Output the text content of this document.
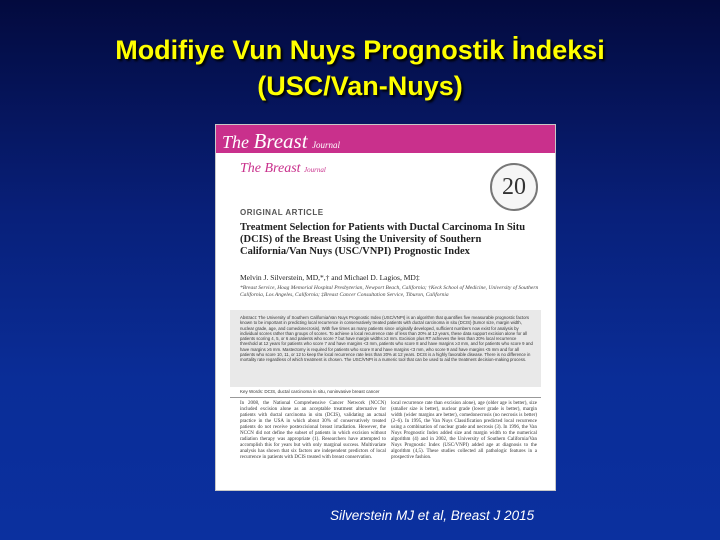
Modifiye Vun Nuys Prognostik İndeksi
(USC/Van-Nuys)
The Breast Journal
The Breast Journal
20
ORIGINAL ARTICLE
Treatment Selection for Patients with Ductal Carcinoma In Situ (DCIS) of the Breast Using the University of Southern California/Van Nuys (USC/VNPI) Prognostic Index
Melvin J. Silverstein, MD,*,† and Michael D. Lagios, MD‡
*Breast Service, Hoag Memorial Hospital Presbyterian, Newport Beach, California; †Keck School of Medicine, University of Southern California, Los Angeles, California; ‡Breast Cancer Consultation Service, Tiburon, California
Abstract: The University of Southern California/Van Nuys Prognostic Index (USC/VNPI) is an algorithm that quantifies five measurable prognostic factors known to be important in predicting local recurrence in conservatively treated patients with ductal carcinoma in situ (DCIS) (tumor size, margin width, nuclear grade, age, and comedonecrosis). With five times as many patients since originally developed, sufficient numbers now exist for analysis by individual scores rather than groups of scores. To achieve a local recurrence rate of less than 20% at 12 years, these data support excision alone for all patients scoring 4, 5, or 6 and patients who score 7 but have margin widths ≥3 mm. Excision plus RT achieves the less than 20% local recurrence threshold at 12 years for patients who score 7 and have margins <3 mm, patients who score 8 and have margins ≥3 mm, and for patients who score 9 and have margins ≥5 mm. Mastectomy is required for patients who score 8 and have margins <3 mm, who score 9 and have margins <5 mm and for all patients who score 10, 11, or 12 to keep the local recurrence rate less than 20% at 12 years. DCIS is a highly favorable disease. There is no difference in mortality rate regardless of which treatment is chosen. The USC/VNPI is a numeric tool that can be used to aid the treatment decision-making process.
Key Words: DCIS, ductal carcinoma in situ, noninvasive breast cancer
In 2008, the National Comprehensive Cancer Network (NCCN) included excision alone as an acceptable treatment alternative for patients with ductal carcinoma in situ (DCIS), validating an actual practice in the USA in which about 30% of conservatively treated patients do not receive postexcisional breast irradiation. However, the NCCN did not define the subset of patients in which excision without radiation therapy was appropriate (1). Researchers have attempted to accomplish this for years but with only marginal success. Multivariate analysis has shown that six factors are independent predictors of local recurrence in patients with DCIS treated with breast conservation.
local recurrence rate than excision alone), age (older age is better), size (smaller size is better), nuclear grade (lower grade is better), margin width (wider margins are better), comedonecrosis (no necrosis is better) (2–6). In 1995, the Van Nuys Classification predicted local recurrence using a combination of nuclear grade and necrosis (3). In 1996, the Van Nuys Prognostic Index added size and margin width to the numerical algorithm (4) and in 2002, the University of Southern California/Van Nuys Prognostic Index (USC/VNPI) added age at diagnosis to the algorithm (4,5). These studies collected all pathologic features in a prospective fashion.
Silverstein MJ et al, Breast J 2015
